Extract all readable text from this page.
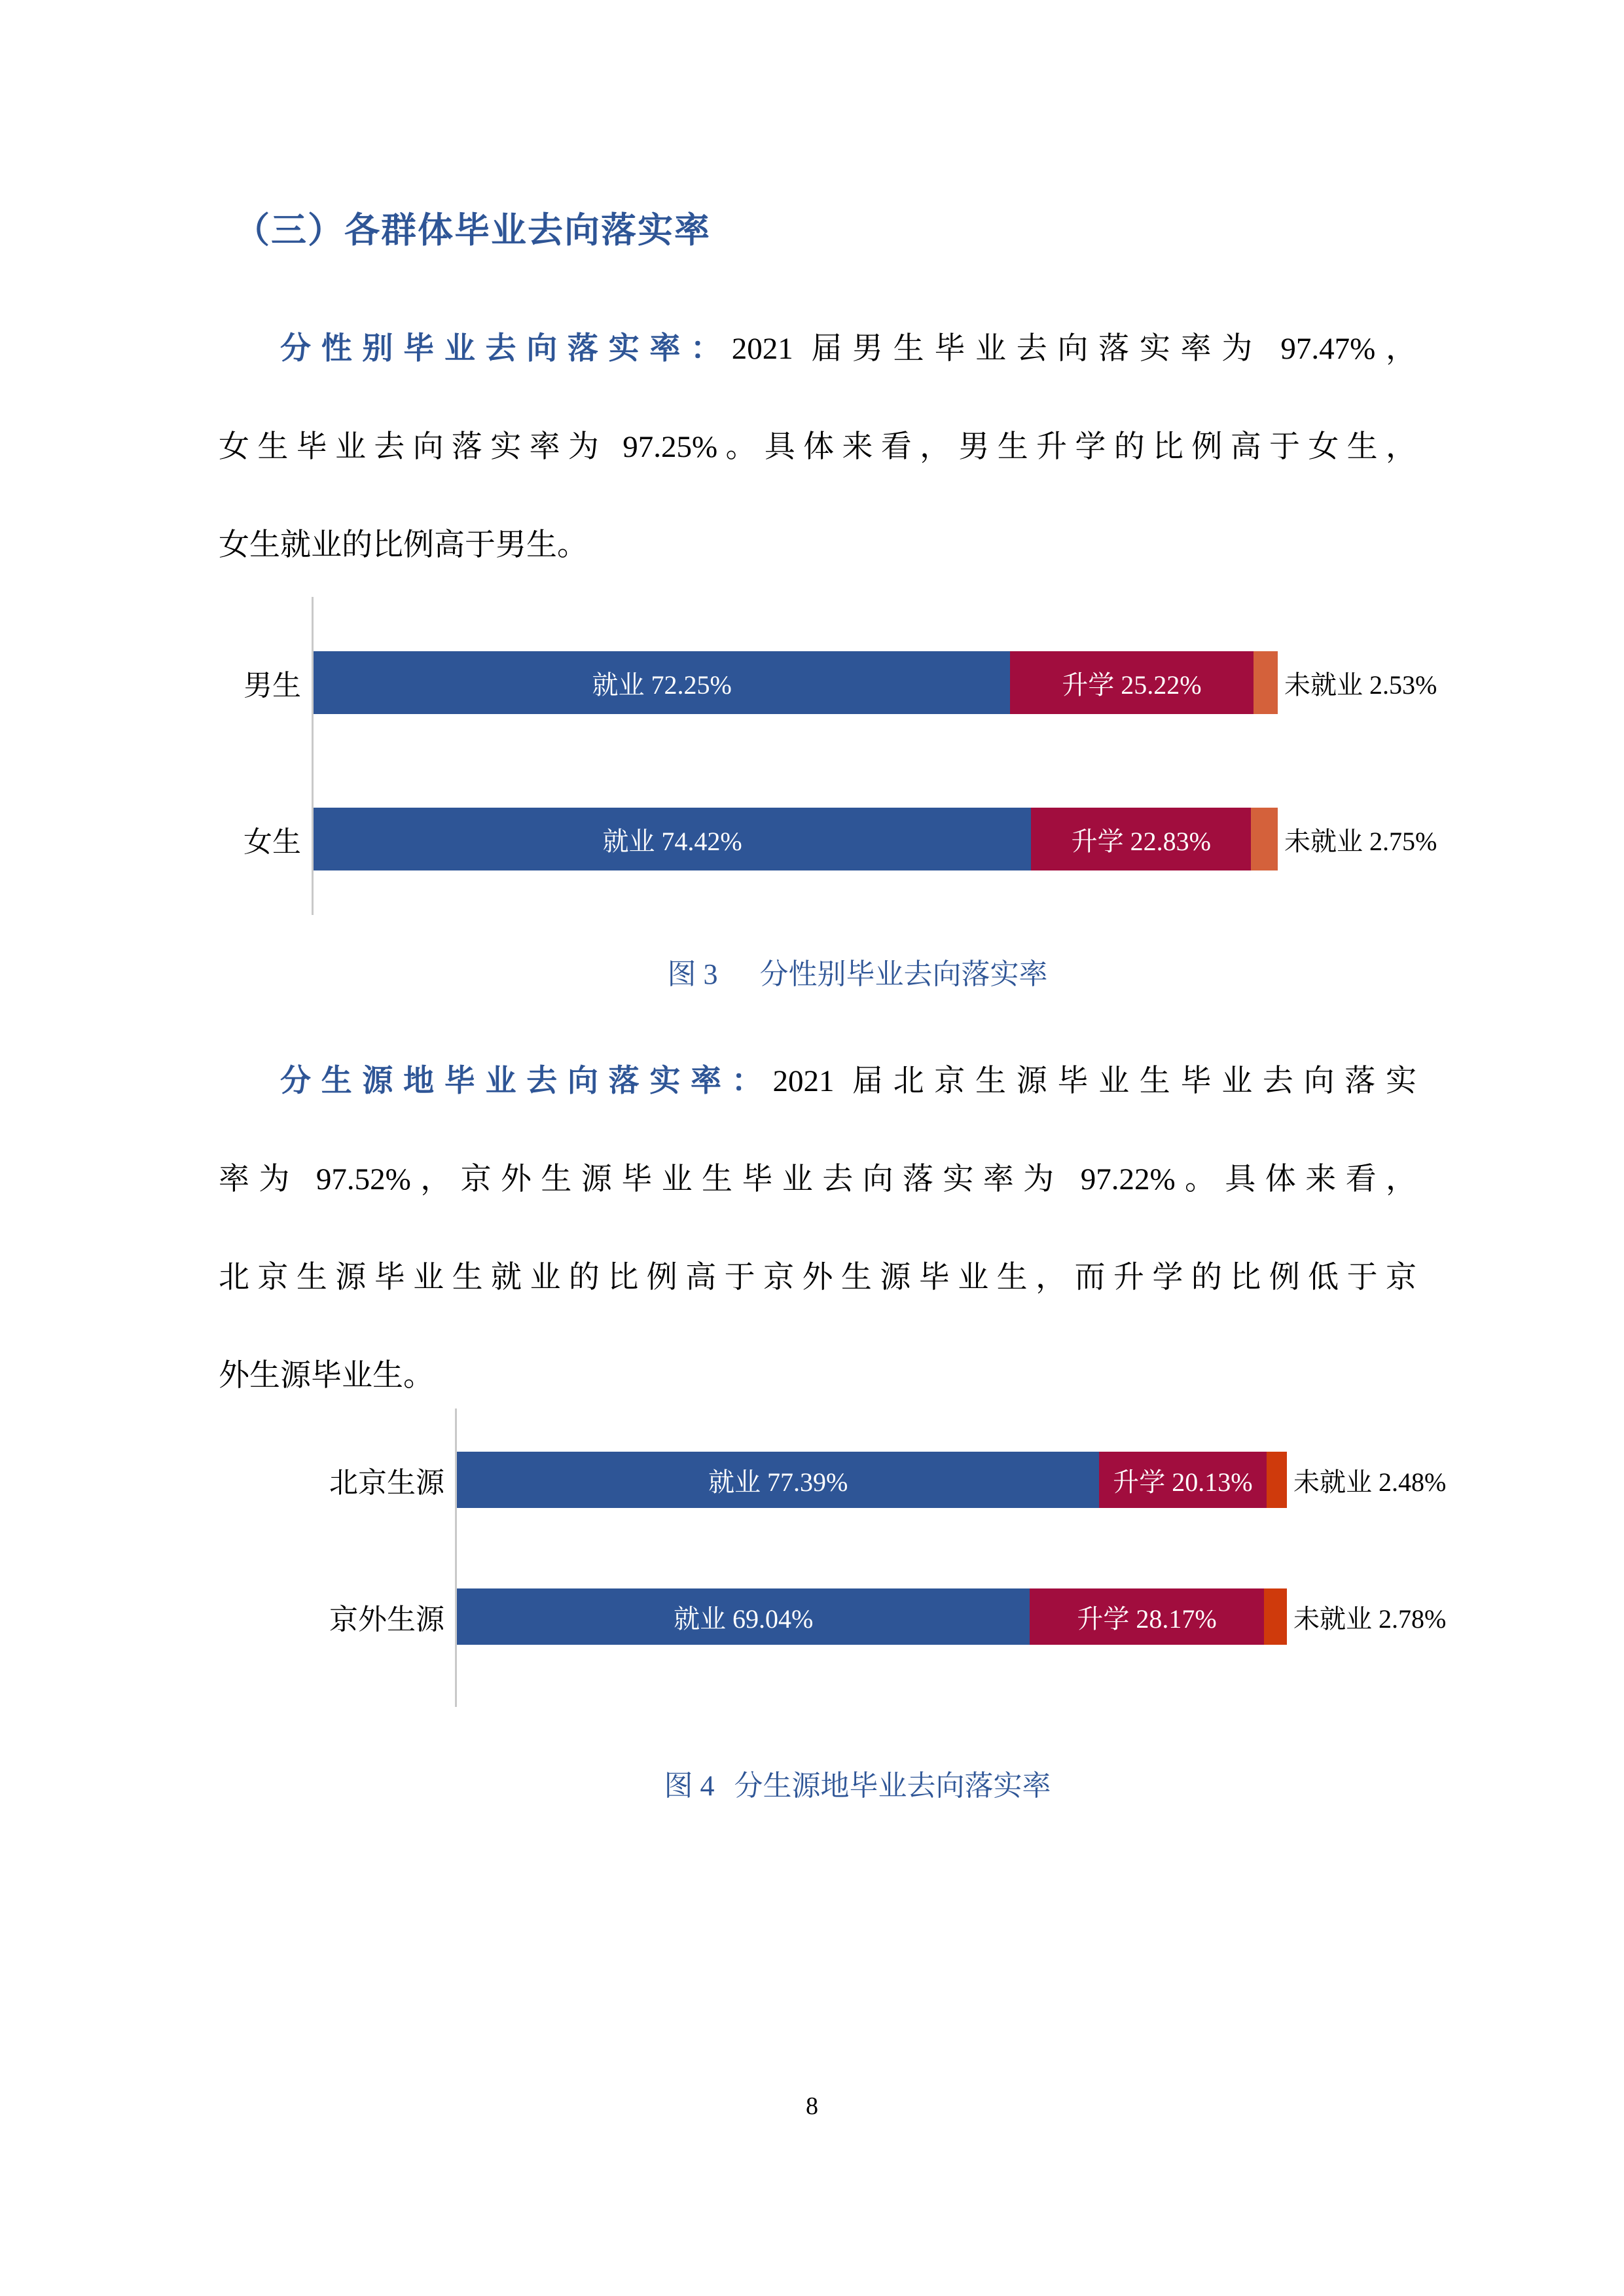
（三）各群体毕业去向落实率
分性别毕业去向落实率：2021 届男生毕业去向落实率为 97.47%，
女生毕业去向落实率为 97.25%。具体来看，男生升学的比例高于女生，
女生就业的比例高于男生。
男生	就业 72.25%	升学 25.22%	未就业 2.53%
女生	就业 74.42%	升学 22.83%	未就业 2.75%
图 3 分性别毕业去向落实率
分生源地毕业去向落实率：2021 届北京生源毕业生毕业去向落实
率为 97.52%，京外生源毕业生毕业去向落实率为 97.22%。具体来看，
北京生源毕业生就业的比例高于京外生源毕业生，而升学的比例低于京
外生源毕业生。
北京生源	就业 77.39%	升学 20.13%	未就业 2.48%
京外生源	就业 69.04%	升学 28.17%	未就业 2.78%
图 4 分生源地毕业去向落实率
8
